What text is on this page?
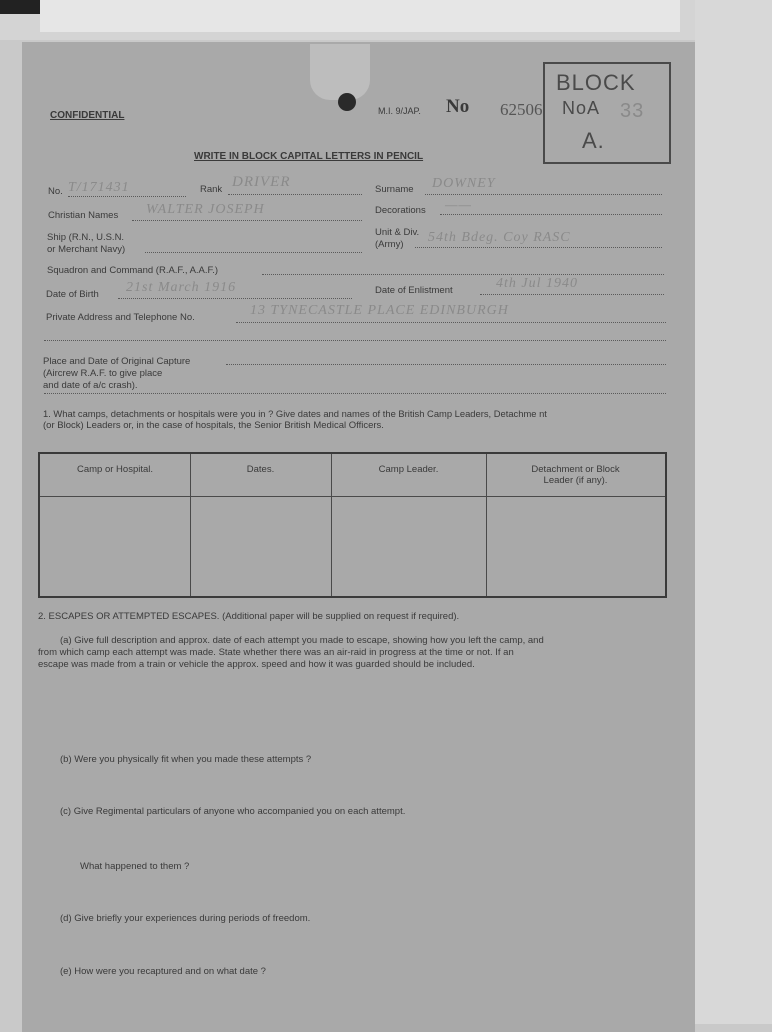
CONFIDENTIAL	M.I. 9/JAP. No 62506
WRITE IN BLOCK CAPITAL LETTERS IN PENCIL
BLOCK
NoA
A.
33
No. T/171431	Rank DRIVER	Surname DOWNEY
Christian Names WALTER JOSEPH	Decorations ——
Ship (R.N., U.S.N.
or Merchant Navy)
Unit & Div.
(Army) 54th Bdeg. Coy RASC
Squadron and Command (R.A.F., A.A.F.)
Date of Birth 21st March 1916	Date of Enlistment	4th Jul 1940
Private Address and Telephone No.	13 TYNECASTLE PLACE EDINBURGH
Place and Date of Original Capture
(Aircrew R.A.F. to give place
and date of a/c crash).
1. What camps, detachments or hospitals were you in ? Give dates and names of the British Camp Leaders, Detachme nt
(or Block) Leaders or, in the case of hospitals, the Senior British Medical Officers.
Camp or Hospital.	Dates.	Camp Leader.	Detachment or Block
Leader (if any).
2. ESCAPES OR ATTEMPTED ESCAPES. (Additional paper will be supplied on request if required).
(a) Give full description and approx. date of each attempt you made to escape, showing how you left the camp, and
from which camp each attempt was made. State whether there was an air-raid in progress at the time or not. If an
escape was made from a train or vehicle the approx. speed and how it was guarded should be included.
(b) Were you physically fit when you made these attempts ?
(c) Give Regimental particulars of anyone who accompanied you on each attempt.
What happened to them ?
(d) Give briefly your experiences during periods of freedom.
(e) How were you recaptured and on what date ?
